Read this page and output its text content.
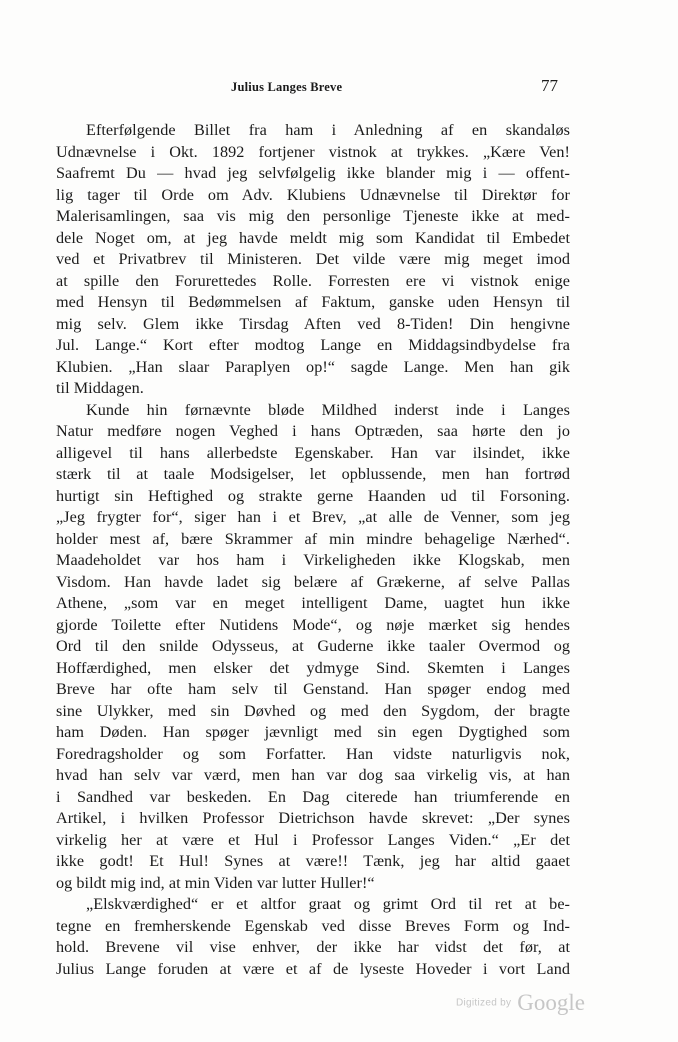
Julius Langes Breve	77
Efterfølgende Billet fra ham i Anledning af en skandaløs
Udnævnelse i Okt. 1892 fortjener vistnok at trykkes. „Kære Ven!
Saafremt Du — hvad jeg selvfølgelig ikke blander mig i — offent-
lig tager til Orde om Adv. Klubiens Udnævnelse til Direktør for
Malerisamlingen, saa vis mig den personlige Tjeneste ikke at med-
dele Noget om, at jeg havde meldt mig som Kandidat til Embedet
ved et Privatbrev til Ministeren. Det vilde være mig meget imod
at spille den Forurettedes Rolle. Forresten ere vi vistnok enige
med Hensyn til Bedømmelsen af Faktum, ganske uden Hensyn til
mig selv. Glem ikke Tirsdag Aften ved 8-Tiden! Din hengivne
Jul. Lange.“ Kort efter modtog Lange en Middagsindbydelse fra
Klubien. „Han slaar Paraplyen op!“ sagde Lange. Men han gik
til Middagen.
Kunde hin førnævnte bløde Mildhed inderst inde i Langes
Natur medføre nogen Veghed i hans Optræden, saa hørte den jo
alligevel til hans allerbedste Egenskaber. Han var ilsindet, ikke
stærk til at taale Modsigelser, let opblussende, men han fortrød
hurtigt sin Heftighed og strakte gerne Haanden ud til Forsoning.
„Jeg frygter for“, siger han i et Brev, „at alle de Venner, som jeg
holder mest af, bære Skrammer af min mindre behagelige Nærhed“.
Maadeholdet var hos ham i Virkeligheden ikke Klogskab, men
Visdom. Han havde ladet sig belære af Grækerne, af selve Pallas
Athene, „som var en meget intelligent Dame, uagtet hun ikke
gjorde Toilette efter Nutidens Mode“, og nøje mærket sig hendes
Ord til den snilde Odysseus, at Guderne ikke taaler Overmod og
Hoffærdighed, men elsker det ydmyge Sind. Skemten i Langes
Breve har ofte ham selv til Genstand. Han spøger endog med
sine Ulykker, med sin Døvhed og med den Sygdom, der bragte
ham Døden. Han spøger jævnligt med sin egen Dygtighed som
Foredragsholder og som Forfatter. Han vidste naturligvis nok,
hvad han selv var værd, men han var dog saa virkelig vis, at han
i Sandhed var beskeden. En Dag citerede han triumferende en
Artikel, i hvilken Professor Dietrichson havde skrevet: „Der synes
virkelig her at være et Hul i Professor Langes Viden.“ „Er det
ikke godt! Et Hul! Synes at være!! Tænk, jeg har altid gaaet
og bildt mig ind, at min Viden var lutter Huller!“
„Elskværdighed“ er et altfor graat og grimt Ord til ret at be-
tegne en fremherskende Egenskab ved disse Breves Form og Ind-
hold. Brevene vil vise enhver, der ikke har vidst det før, at
Julius Lange foruden at være et af de lyseste Hoveder i vort Land
Digitized by Google
